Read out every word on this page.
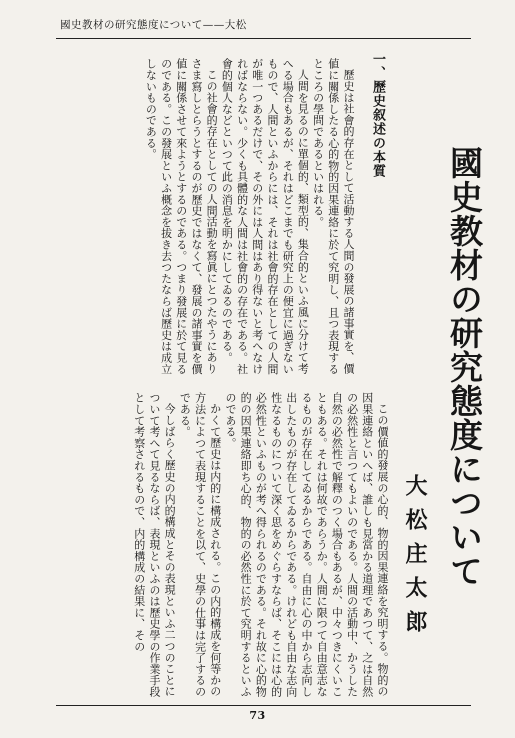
國史教材の研究態度について——大松
國史教材の研究態度について
大松庄太郎
一、歷史叙述の本質

歷史は社會的存在として活動する人間の發展の諸事實を、價値に關係したる心的物的因果連絡に於て究明し、且つ表現するところの學問であるといはれる。

人間を見るのに單個的、類型的、集合的といふ風に分けて考へる場合もあるが、それはどこまでも研究上の便宜に過ぎないもので、人間といふからには、それは社會的存在としての人間が唯一つあるだけで、その外には人間はあり得ないと考へなければならない。少くも具體的な人間は社會的の存在である。社會的個人などといつて此の消息を明かにしてゐるのである。

この社會的存在としての人間活動を寫眞にとつたやうにありさま寫しとらうとするのが歷史ではなくて、發展の諸事實を價値に關係させて來ようとするのである。つまり發展に於て見るのである。この發展といふ概念を拔き去つたならば歷史は成立しないものである。

この價値的發展の心的、物的因果連絡を究明する。物的の因果連絡といへば、誰しも見當かる道理であつて、之は自然の必然性と言つてもよいのである。人間の活動中、かうした自然の必然性で解釋のつく場合もあるが、中々つきにくいこともある。それは何故であらうか。人間に限つて自由意志なるものが存在してゐるからである。自由に心の中から志向し出したものが存在してゐるからである。けれども自由な志向性なるものについて深く思をめぐらすならば、そこには心的必然性といふものが考へ得られるのである。それ故に心的物的の因果連絡即ち心的、物的の必然性に於て究明するといふのである。

かくて歷史は内的に構成される。この内的構成を何等かの方法によつて表現することを以て、史學の仕事は完了するのである。

今しばらく歷史の内的構成とその表現といふ二つのことについて考へて見るならば、表現といふのは歷史學の作業手段として考察されるもので、内的構成の結果に、その

73
